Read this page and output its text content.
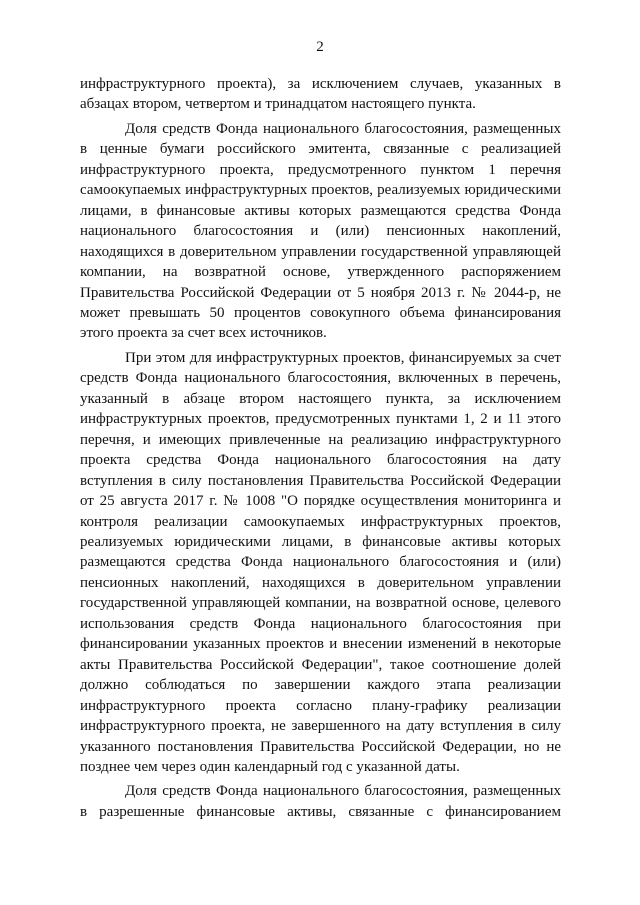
2

инфраструктурного проекта), за исключением случаев, указанных в абзацах втором, четвертом и тринадцатом настоящего пункта.

Доля средств Фонда национального благосостояния, размещенных в ценные бумаги российского эмитента, связанные с реализацией инфраструктурного проекта, предусмотренного пунктом 1 перечня самоокупаемых инфраструктурных проектов, реализуемых юридическими лицами, в финансовые активы которых размещаются средства Фонда национального благосостояния и (или) пенсионных накоплений, находящихся в доверительном управлении государственной управляющей компании, на возвратной основе, утвержденного распоряжением Правительства Российской Федерации от 5 ноября 2013 г. № 2044-р, не может превышать 50 процентов совокупного объема финансирования этого проекта за счет всех источников.

При этом для инфраструктурных проектов, финансируемых за счет средств Фонда национального благосостояния, включенных в перечень, указанный в абзаце втором настоящего пункта, за исключением инфраструктурных проектов, предусмотренных пунктами 1, 2 и 11 этого перечня, и имеющих привлеченные на реализацию инфраструктурного проекта средства Фонда национального благосостояния на дату вступления в силу постановления Правительства Российской Федерации от 25 августа 2017 г. № 1008 "О порядке осуществления мониторинга и контроля реализации самоокупаемых инфраструктурных проектов, реализуемых юридическими лицами, в финансовые активы которых размещаются средства Фонда национального благосостояния и (или) пенсионных накоплений, находящихся в доверительном управлении государственной управляющей компании, на возвратной основе, целевого использования средств Фонда национального благосостояния при финансировании указанных проектов и внесении изменений в некоторые акты Правительства Российской Федерации", такое соотношение долей должно соблюдаться по завершении каждого этапа реализации инфраструктурного проекта согласно плану-графику реализации инфраструктурного проекта, не завершенного на дату вступления в силу указанного постановления Правительства Российской Федерации, но не позднее чем через один календарный год с указанной даты.

Доля средств Фонда национального благосостояния, размещенных в разрешенные финансовые активы, связанные с финансированием
